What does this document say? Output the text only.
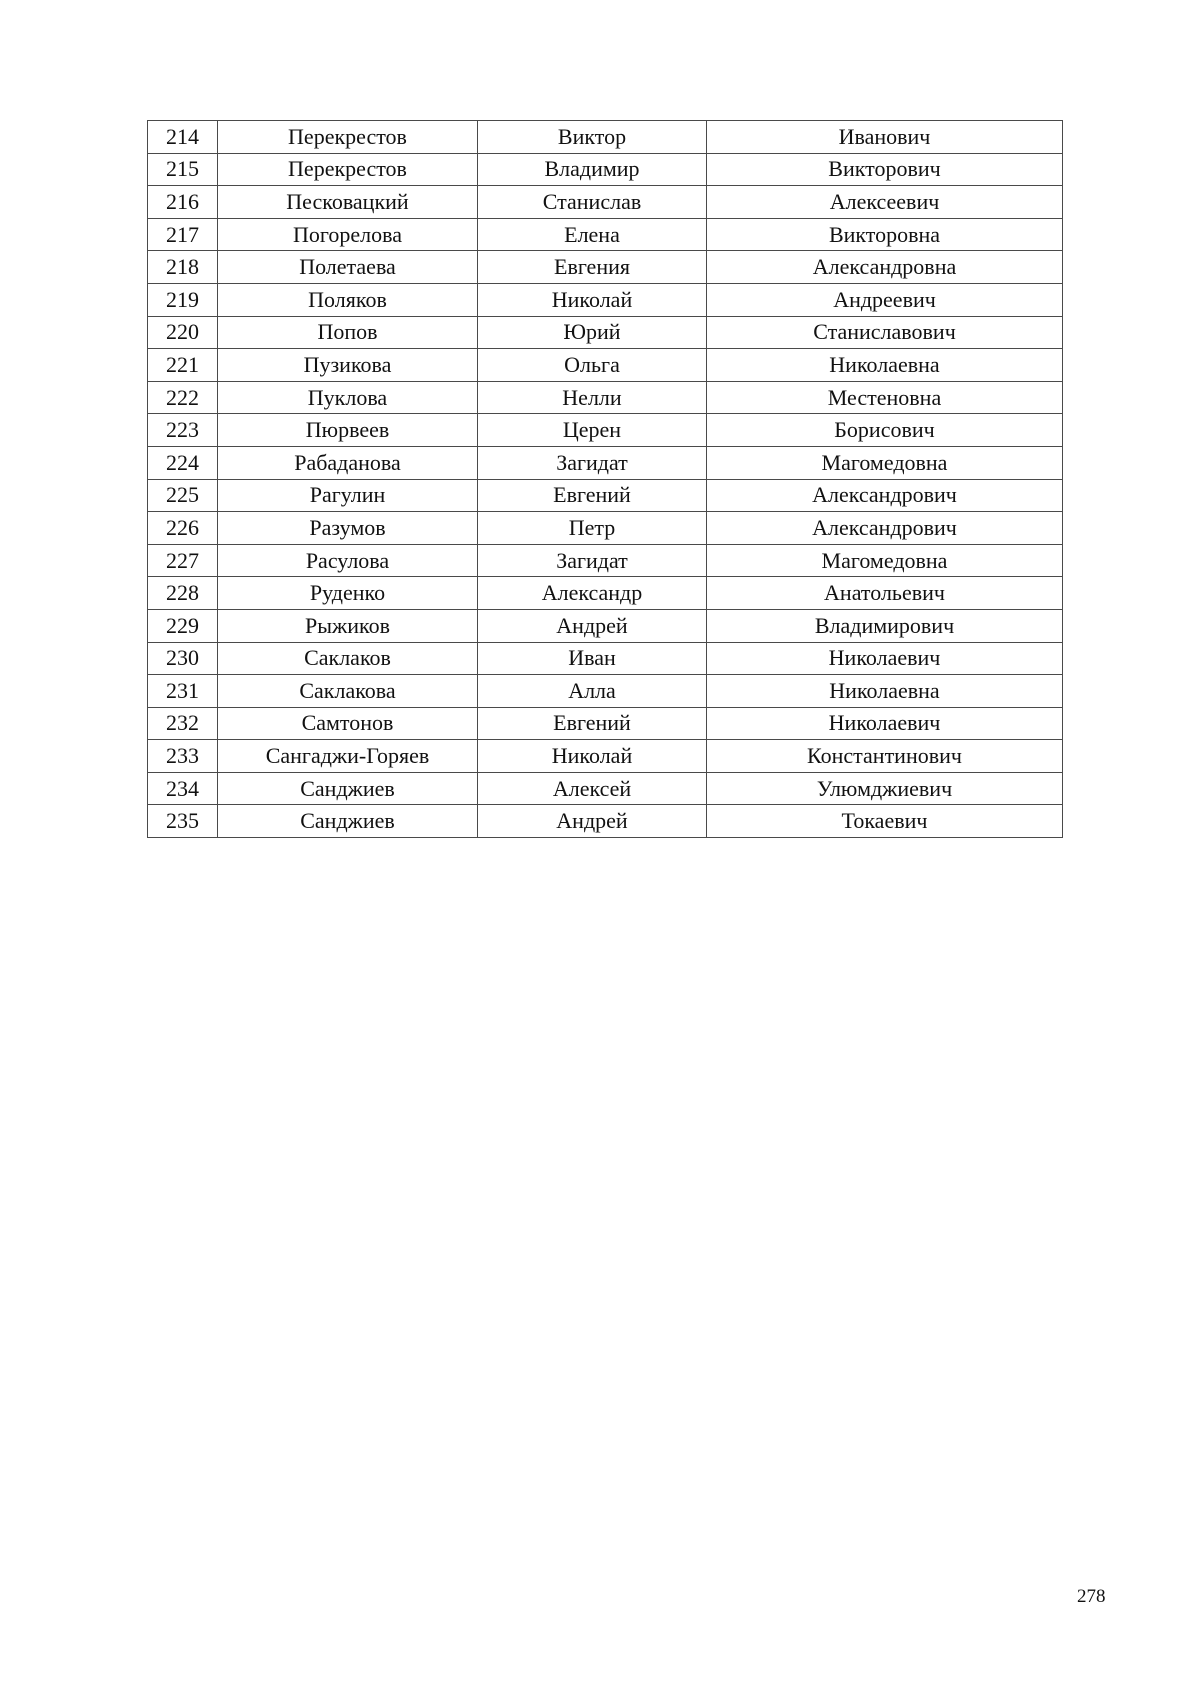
214	Перекрестов	Виктор	Иванович
215	Перекрестов	Владимир	Викторович
216	Песковацкий	Станислав	Алексеевич
217	Погорелова	Елена	Викторовна
218	Полетаева	Евгения	Александровна
219	Поляков	Николай	Андреевич
220	Попов	Юрий	Станиславович
221	Пузикова	Ольга	Николаевна
222	Пуклова	Нелли	Местеновна
223	Пюрвеев	Церен	Борисович
224	Рабаданова	Загидат	Магомедовна
225	Рагулин	Евгений	Александрович
226	Разумов	Петр	Александрович
227	Расулова	Загидат	Магомедовна
228	Руденко	Александр	Анатольевич
229	Рыжиков	Андрей	Владимирович
230	Саклаков	Иван	Николаевич
231	Саклакова	Алла	Николаевна
232	Самтонов	Евгений	Николаевич
233	Сангаджи-Горяев	Николай	Константинович
234	Санджиев	Алексей	Улюмджиевич
235	Санджиев	Андрей	Токаевич
278
